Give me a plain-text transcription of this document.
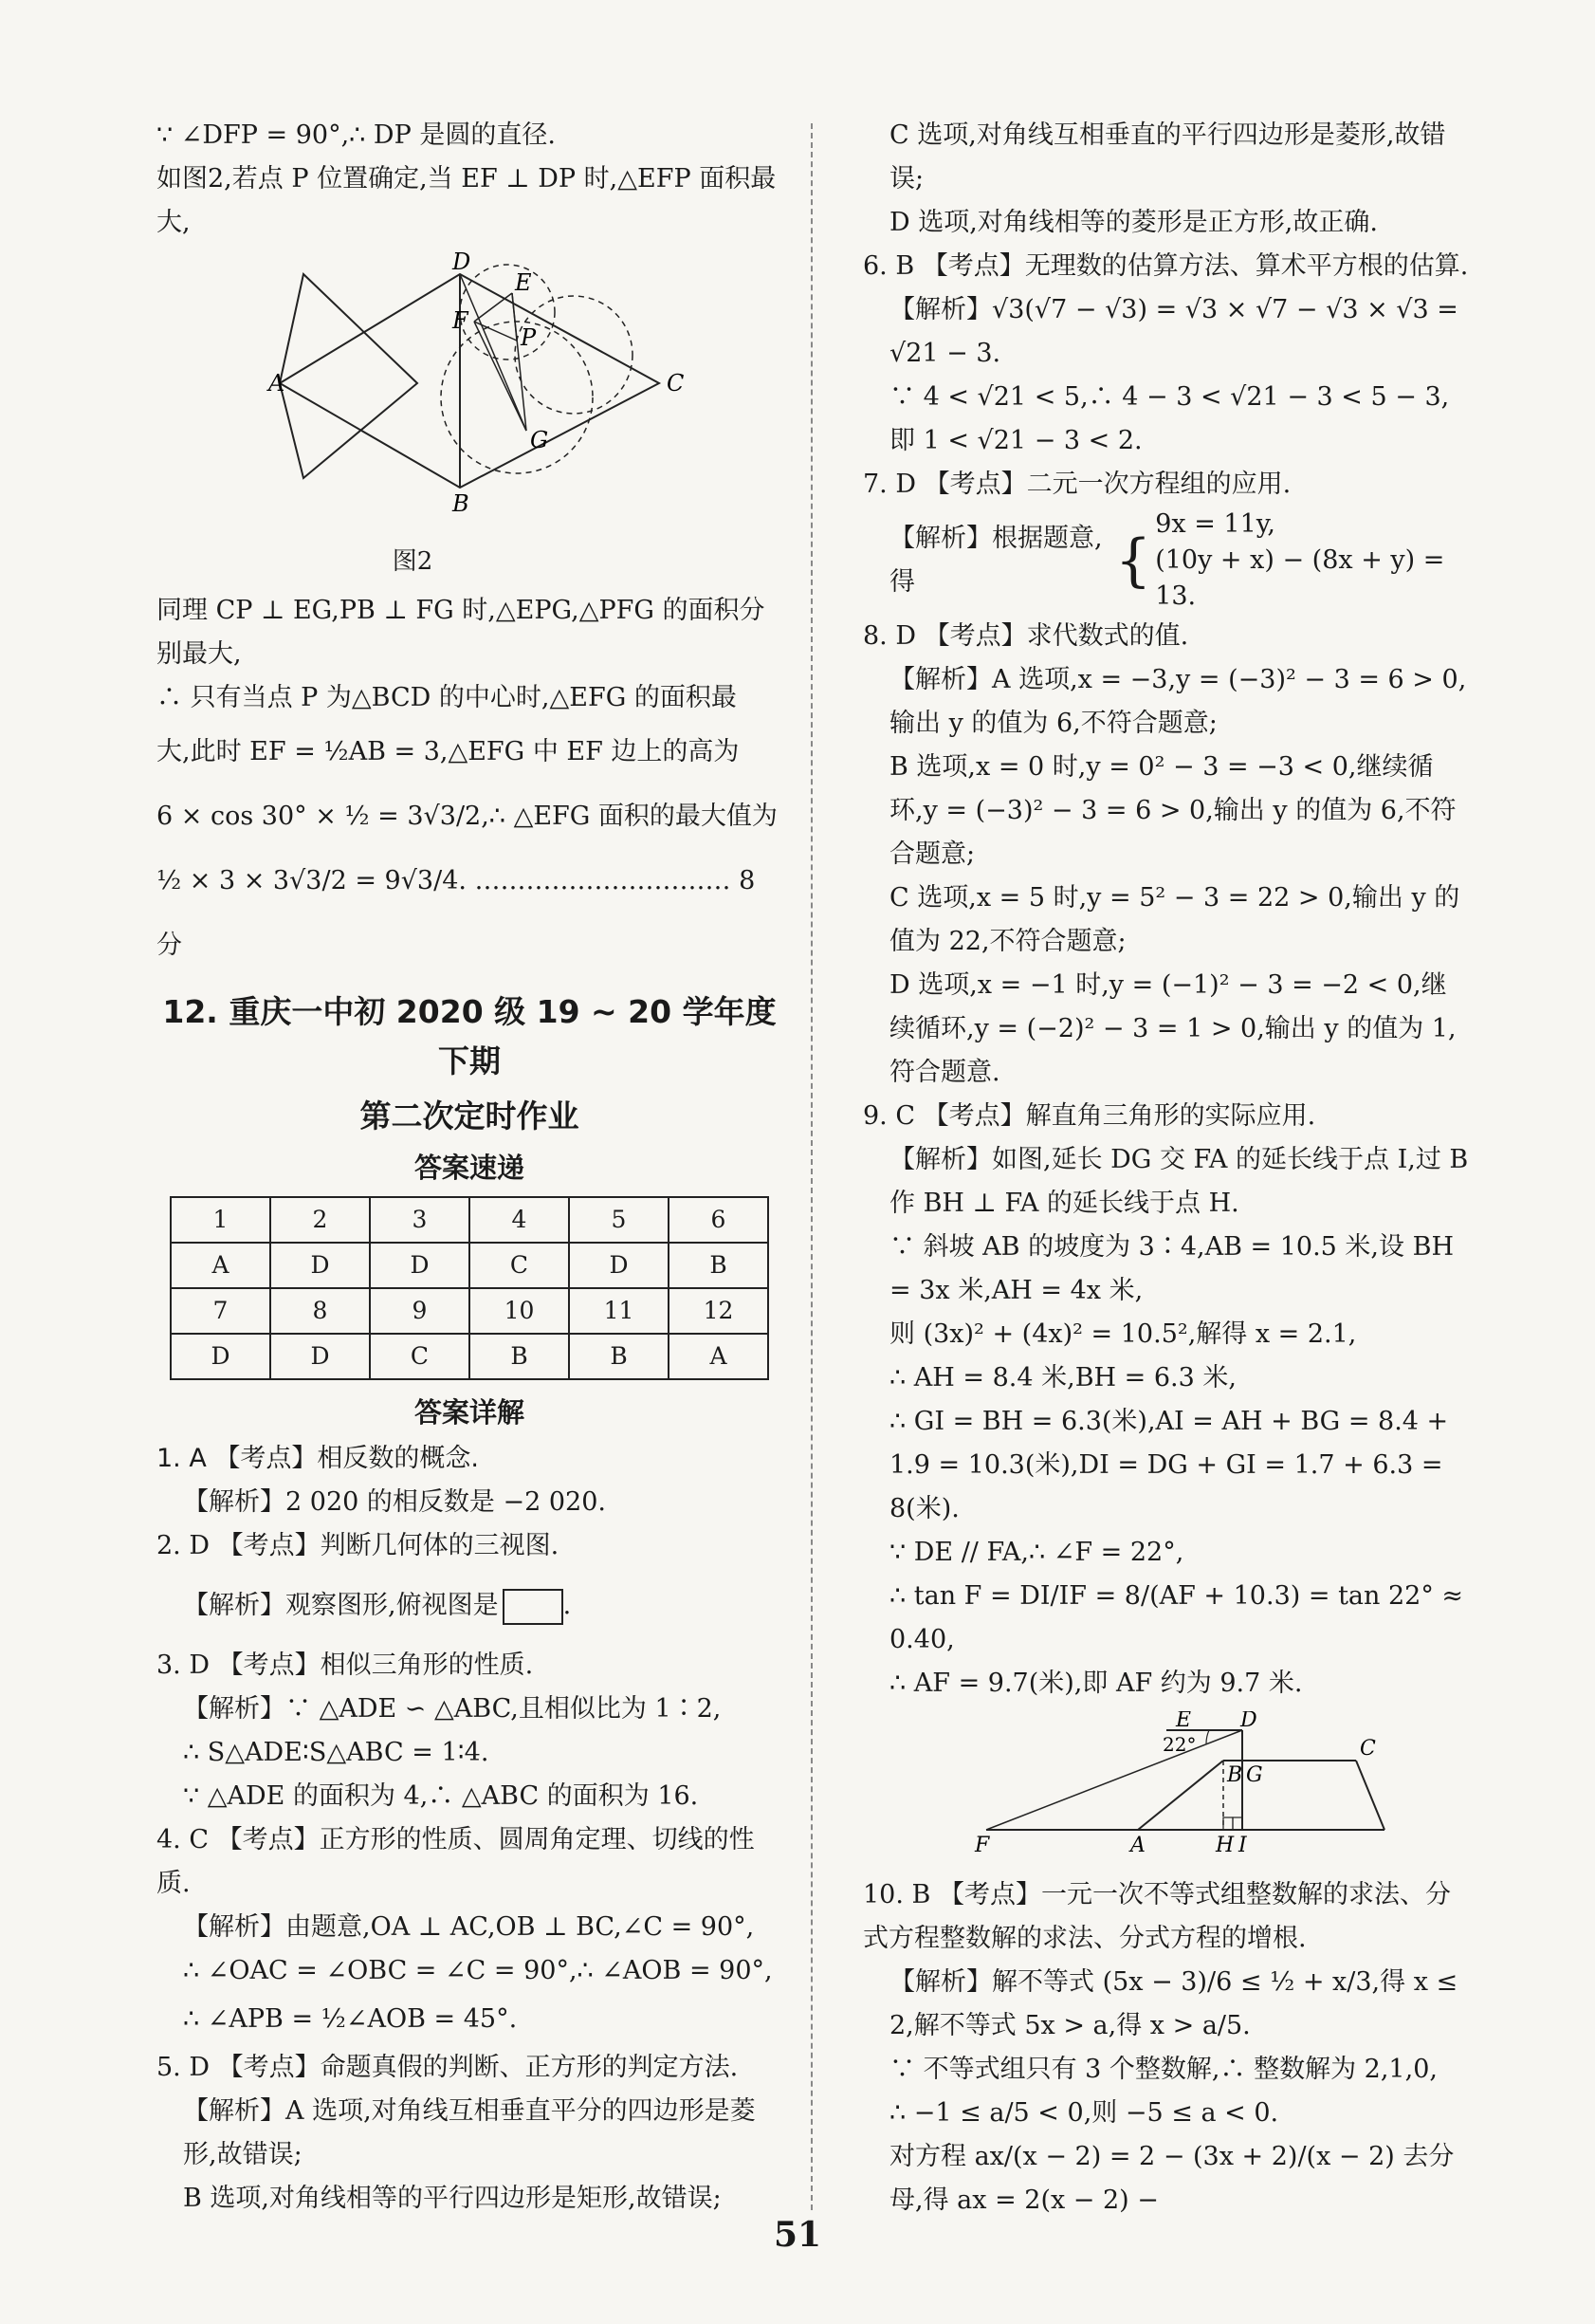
∵ ∠DFP = 90°,∴ DP 是圆的直径.

如图2,若点 P 位置确定,当 EF ⊥ DP 时,△EFP 面积最大,

A
D
C
B
E
F
P
G
图2

同理 CP ⊥ EG,PB ⊥ FG 时,△EPG,△PFG 的面积分别最大,

∴ 只有当点 P 为△BCD 的中心时,△EFG 的面积最

大,此时 EF = ½AB = 3,△EFG 中 EF 边上的高为

6 × cos 30° × ½ = 3√3/2,∴ △EFG 面积的最大值为

½ × 3 × 3√3/2 = 9√3/4. ………………………… 8 分

12. 重庆一中初 2020 级 19 ~ 20 学年度下期
第二次定时作业
答案速递
1	2	3	4	5	6
A	D	D	C	D	B
7	8	9	10	11	12
D	D	C	B	B	A
答案详解

1. A 【考点】相反数的概念.

【解析】2 020 的相反数是 −2 020.

2. D 【考点】判断几何体的三视图.

【解析】观察图形,俯视图是	.

3. D 【考点】相似三角形的性质.

【解析】∵ △ADE ∽ △ABC,且相似比为 1∶2,

∴ S△ADE∶S△ABC = 1∶4.

∵ △ADE 的面积为 4,∴ △ABC 的面积为 16.

4. C 【考点】正方形的性质、圆周角定理、切线的性质.

【解析】由题意,OA ⊥ AC,OB ⊥ BC,∠C = 90°,

∴ ∠OAC = ∠OBC = ∠C = 90°,∴ ∠AOB = 90°,

∴ ∠APB = ½∠AOB = 45°.

5. D 【考点】命题真假的判断、正方形的判定方法.

【解析】A 选项,对角线互相垂直平分的四边形是菱形,故错误;

B 选项,对角线相等的平行四边形是矩形,故错误;

C 选项,对角线互相垂直的平行四边形是菱形,故错误;

D 选项,对角线相等的菱形是正方形,故正确.

6. B 【考点】无理数的估算方法、算术平方根的估算.

【解析】√3(√7 − √3) = √3 × √7 − √3 × √3 = √21 − 3.

∵ 4 < √21 < 5,∴ 4 − 3 < √21 − 3 < 5 − 3,即 1 < √21 − 3 < 2.

7. D 【考点】二元一次方程组的应用.

【解析】根据题意,得	{
9x = 11y,
(10y + x) − (8x + y) = 13.

8. D 【考点】求代数式的值.

【解析】A 选项,x = −3,y = (−3)² − 3 = 6 > 0,输出 y 的值为 6,不符合题意;

B 选项,x = 0 时,y = 0² − 3 = −3 < 0,继续循环,y = (−3)² − 3 = 6 > 0,输出 y 的值为 6,不符合题意;

C 选项,x = 5 时,y = 5² − 3 = 22 > 0,输出 y 的值为 22,不符合题意;

D 选项,x = −1 时,y = (−1)² − 3 = −2 < 0,继续循环,y = (−2)² − 3 = 1 > 0,输出 y 的值为 1,符合题意.

9. C 【考点】解直角三角形的实际应用.

【解析】如图,延长 DG 交 FA 的延长线于点 I,过 B 作 BH ⊥ FA 的延长线于点 H.

∵ 斜坡 AB 的坡度为 3∶4,AB = 10.5 米,设 BH = 3x 米,AH = 4x 米,

则 (3x)² + (4x)² = 10.5²,解得 x = 2.1,

∴ AH = 8.4 米,BH = 6.3 米,

∴ GI = BH = 6.3(米),AI = AH + BG = 8.4 + 1.9 = 10.3(米),DI = DG + GI = 1.7 + 6.3 = 8(米).

∵ DE // FA,∴ ∠F = 22°,

∴ tan F = DI/IF = 8/(AF + 10.3) = tan 22° ≈ 0.40,

∴ AF = 9.7(米),即 AF 约为 9.7 米.

E D
C
B G
F	A	H I
22°

10. B 【考点】一元一次不等式组整数解的求法、分式方程整数解的求法、分式方程的增根.

【解析】解不等式 (5x − 3)/6 ≤ ½ + x/3,得 x ≤ 2,解不等式 5x > a,得 x > a/5.

∵ 不等式组只有 3 个整数解,∴ 整数解为 2,1,0,

∴ −1 ≤ a/5 < 0,则 −5 ≤ a < 0.

对方程 ax/(x − 2) = 2 − (3x + 2)/(x − 2) 去分母,得 ax = 2(x − 2) −

51
